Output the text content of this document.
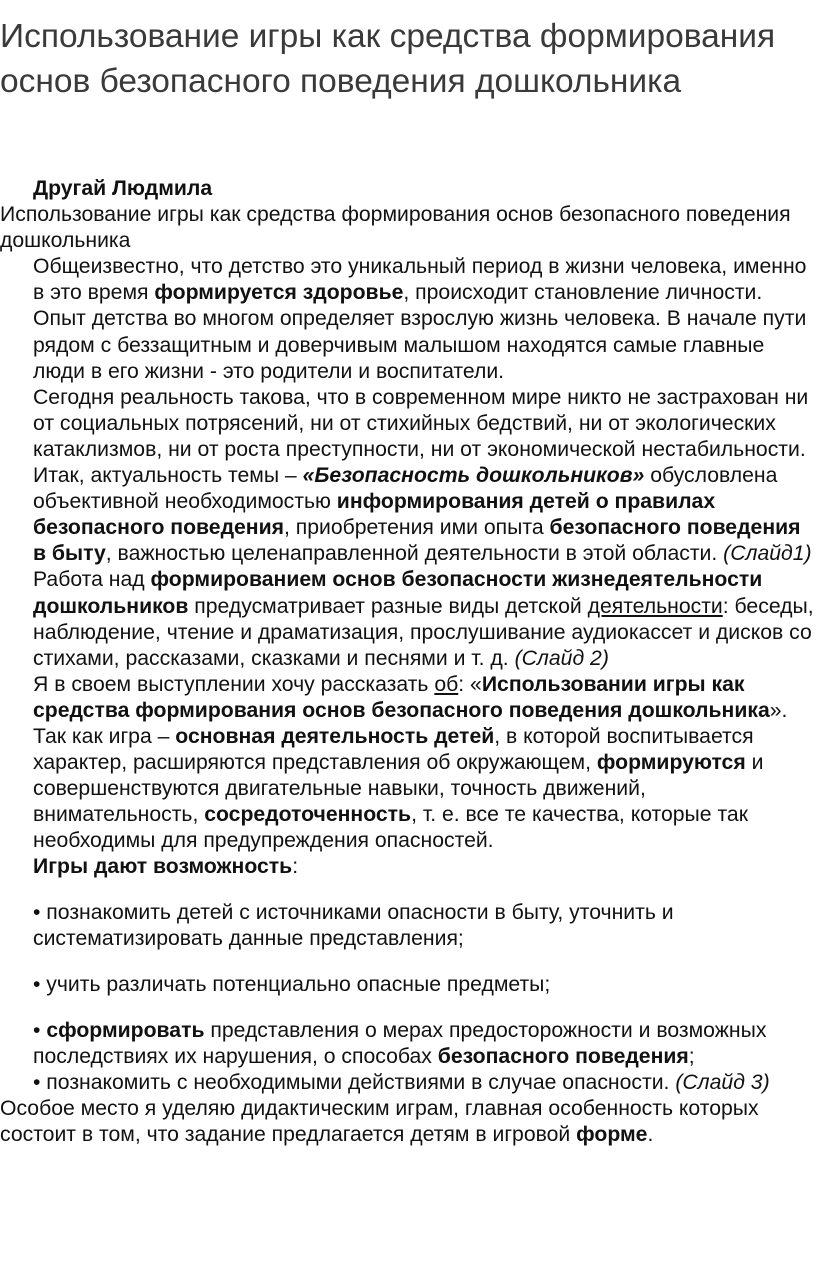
Использование игры как средства формирования основ безопасного поведения дошкольника

Другай Людмила

Использование игры как средства формирования основ безопасного поведения дошкольника

Общеизвестно, что детство это уникальный период в жизни человека, именно в это время формируется здоровье, происходит становление личности. Опыт детства во многом определяет взрослую жизнь человека. В начале пути рядом с беззащитным и доверчивым малышом находятся самые главные люди в его жизни - это родители и воспитатели.

Сегодня реальность такова, что в современном мире никто не застрахован ни от социальных потрясений, ни от стихийных бедствий, ни от экологических катаклизмов, ни от роста преступности, ни от экономической нестабильности. Итак, актуальность темы – «Безопасность дошкольников» обусловлена объективной необходимостью информирования детей о правилах безопасного поведения, приобретения ими опыта безопасного поведения в быту, важностью целенаправленной деятельности в этой области. (Слайд1)

Работа над формированием основ безопасности жизнедеятельности дошкольников предусматривает разные виды детской деятельности: беседы, наблюдение, чтение и драматизация, прослушивание аудиокассет и дисков со стихами, рассказами, сказками и песнями и т. д. (Слайд 2)

Я в своем выступлении хочу рассказать об: «Использовании игры как средства формирования основ безопасного поведения дошкольника».

Так как игра – основная деятельность детей, в которой воспитывается характер, расширяются представления об окружающем, формируются и совершенствуются двигательные навыки, точность движений, внимательность, сосредоточенность, т. е. все те качества, которые так необходимы для предупреждения опасностей.

Игры дают возможность:

• познакомить детей с источниками опасности в быту, уточнить и систематизировать данные представления;

• учить различать потенциально опасные предметы;

• сформировать представления о мерах предосторожности и возможных последствиях их нарушения, о способах безопасного поведения;

• познакомить с необходимыми действиями в случае опасности. (Слайд 3)

Особое место я уделяю дидактическим играм, главная особенность которых состоит в том, что задание предлагается детям в игровой форме.
